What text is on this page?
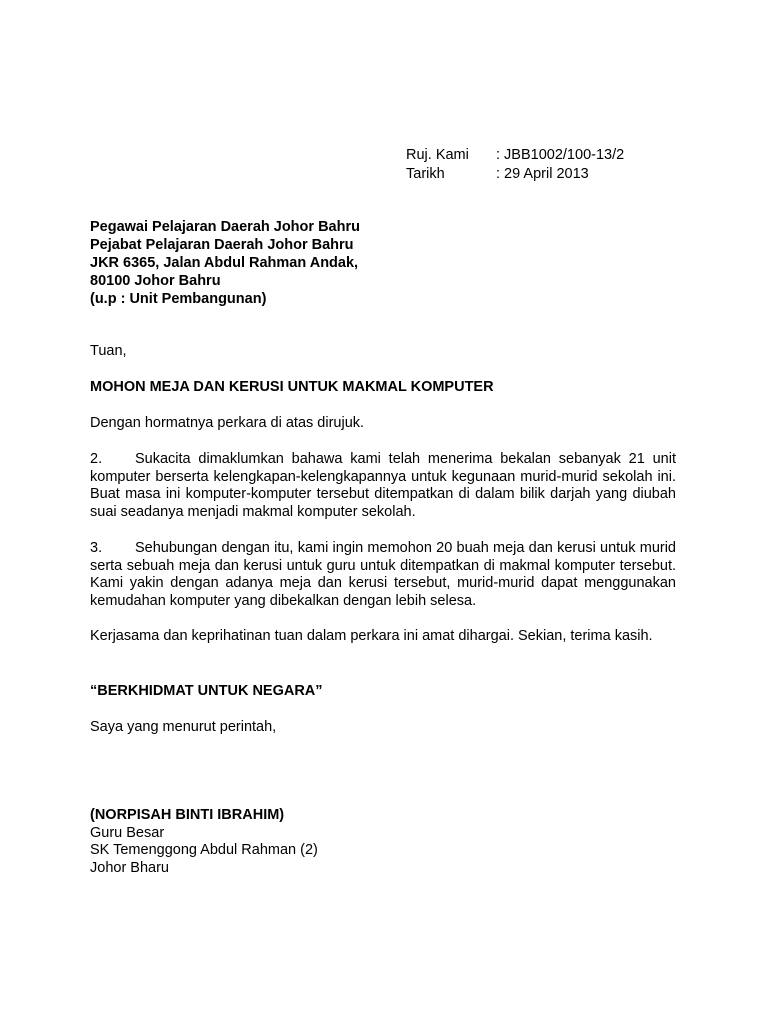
Ruj. Kami	: JBB1002/100-13/2
Tarikh	: 29 April 2013
Pegawai Pelajaran Daerah Johor Bahru
Pejabat Pelajaran Daerah Johor Bahru
JKR 6365, Jalan Abdul Rahman Andak,
80100 Johor Bahru
(u.p : Unit Pembangunan)

Tuan,

MOHON MEJA DAN KERUSI UNTUK MAKMAL KOMPUTER

Dengan hormatnya perkara di atas dirujuk.

2. Sukacita dimaklumkan bahawa kami telah menerima bekalan sebanyak 21 unit komputer berserta kelengkapan-kelengkapannya untuk kegunaan murid-murid sekolah ini. Buat masa ini komputer-komputer tersebut ditempatkan di dalam bilik darjah yang diubah suai seadanya menjadi makmal komputer sekolah.

3. Sehubungan dengan itu, kami ingin memohon 20 buah meja dan kerusi untuk murid serta sebuah meja dan kerusi untuk guru untuk ditempatkan di makmal komputer tersebut. Kami yakin dengan adanya meja dan kerusi tersebut, murid-murid dapat menggunakan kemudahan komputer yang dibekalkan dengan lebih selesa.

Kerjasama dan keprihatinan tuan dalam perkara ini amat dihargai. Sekian, terima kasih.

“BERKHIDMAT UNTUK NEGARA”

Saya yang menurut perintah,

(NORPISAH BINTI IBRAHIM)
Guru Besar
SK Temenggong Abdul Rahman (2)
Johor Bharu
